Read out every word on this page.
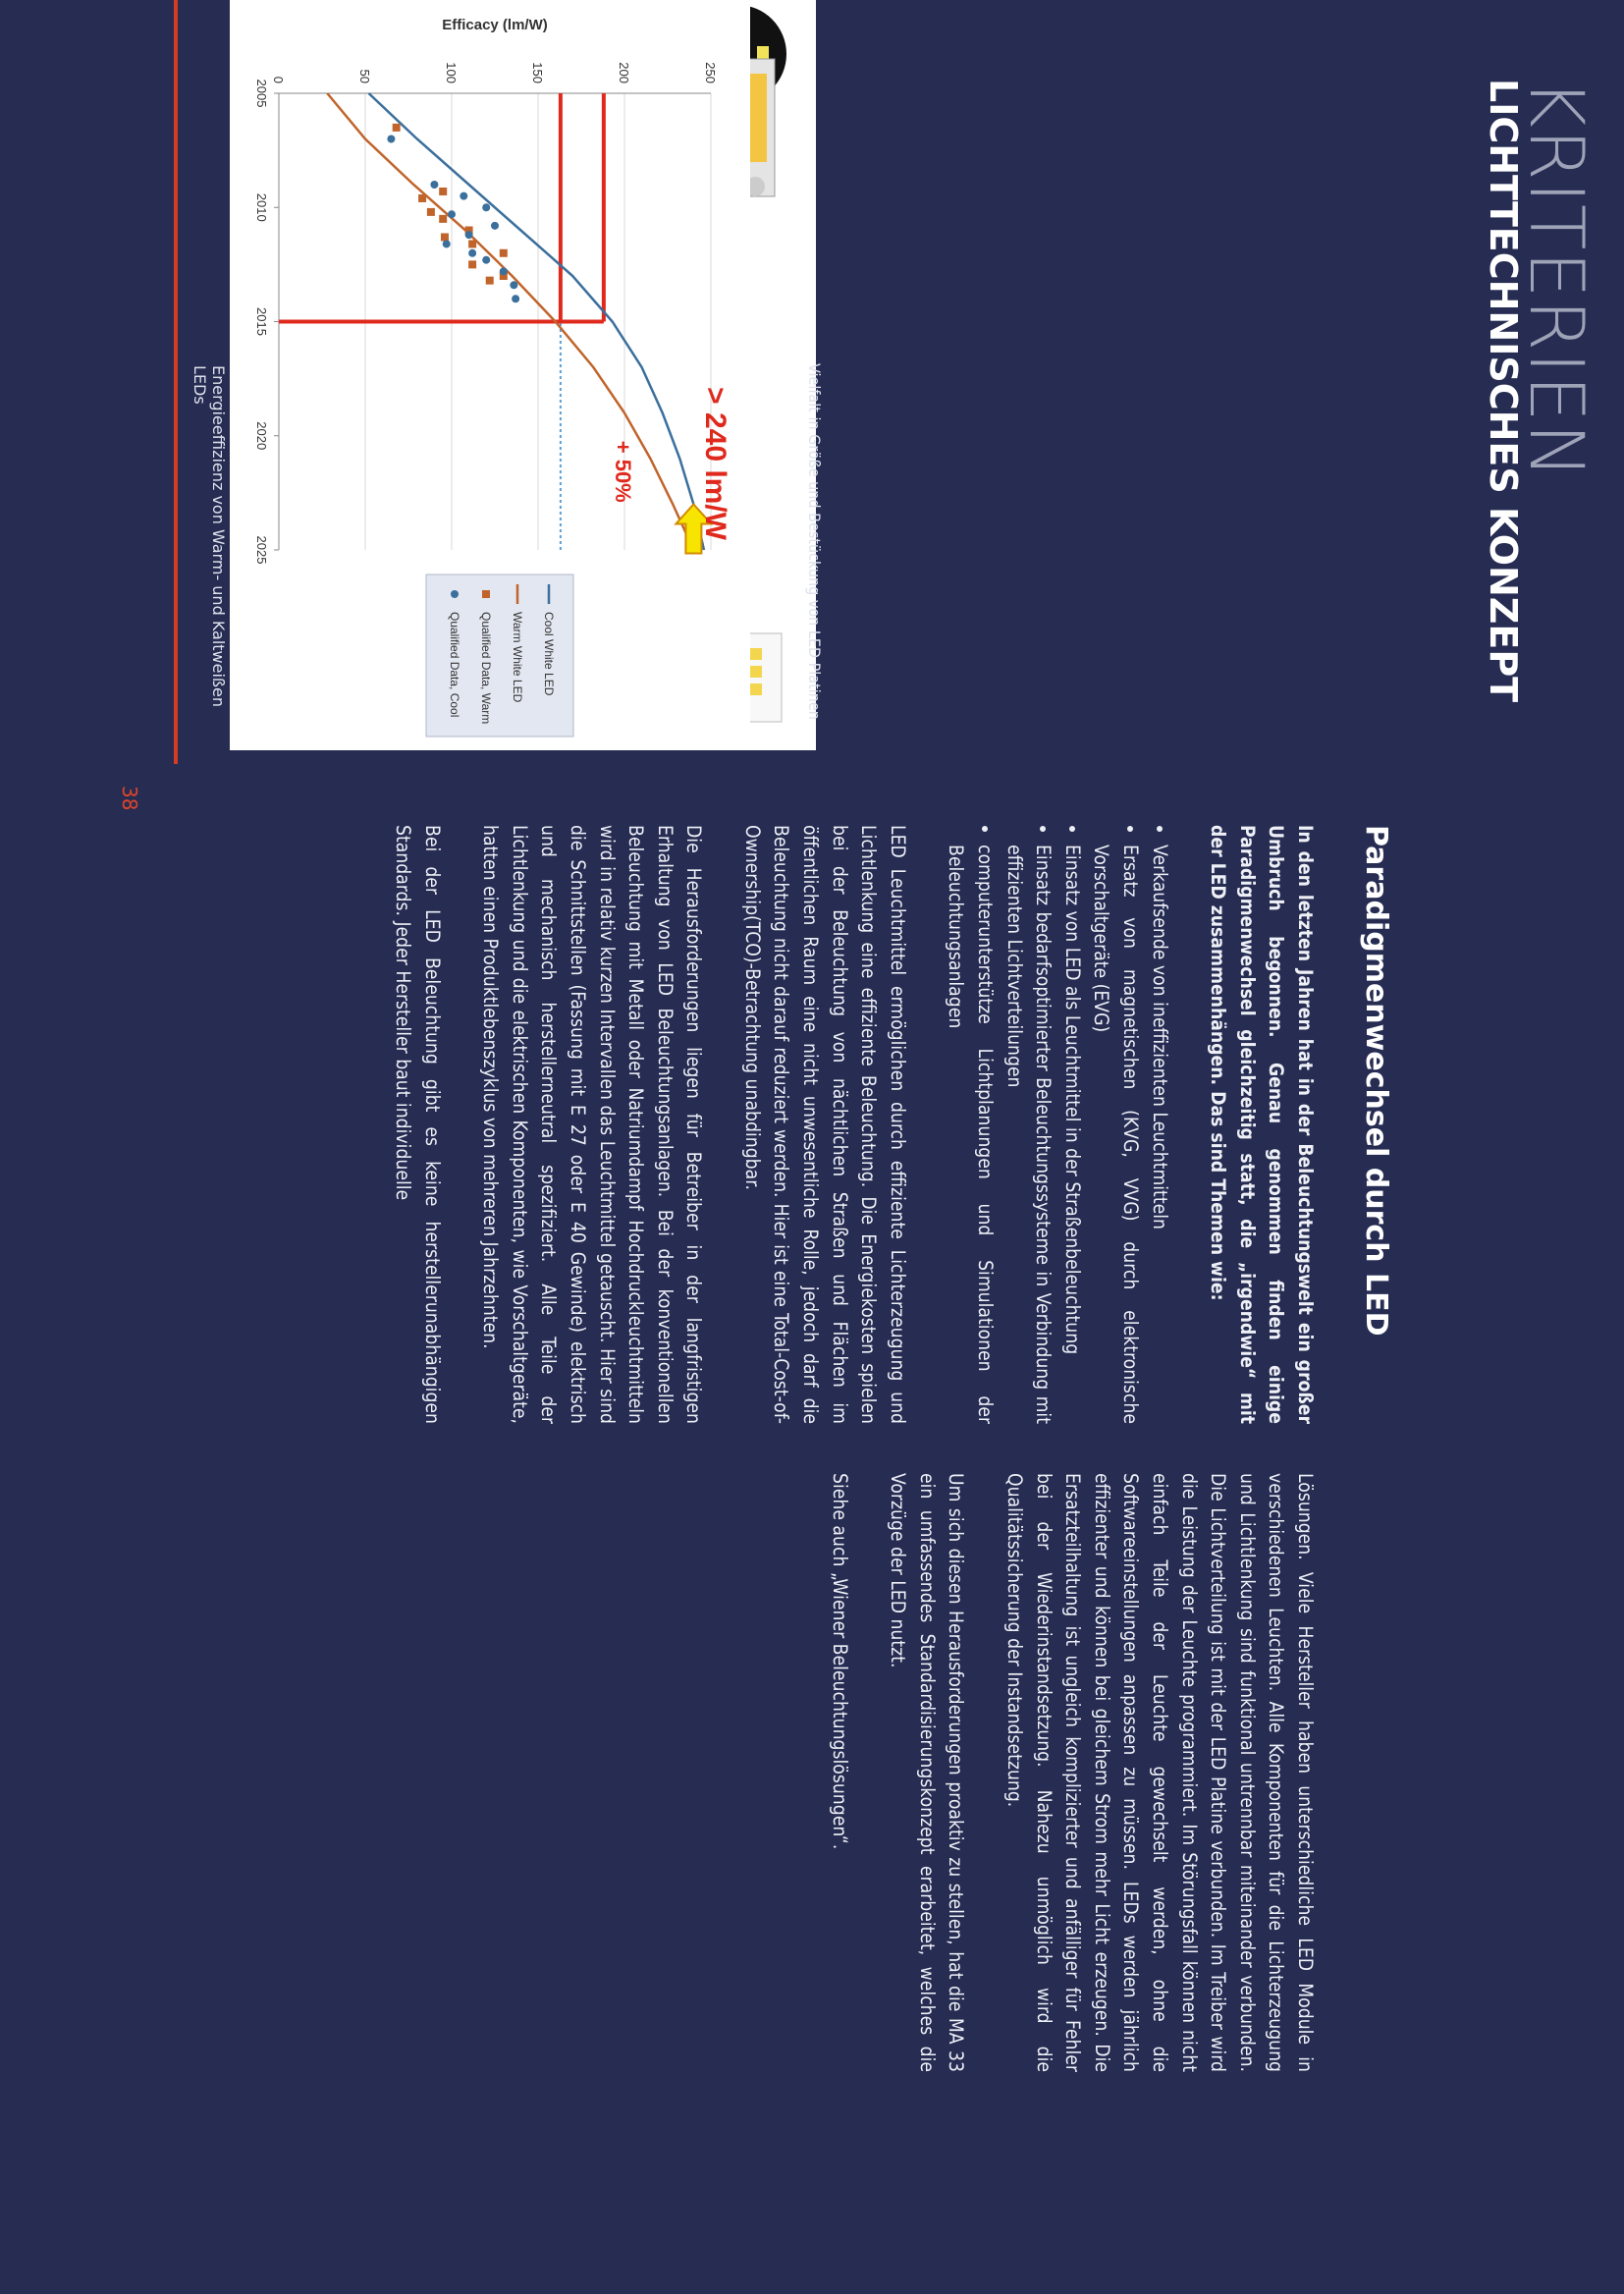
KRITERIEN
LICHTTECHNISCHES KONZEPT
Vielfalt in Größe und Bestückung von LED Platinen
0	50	100	150	200	250
2005
2010
2015
2020
2025
Efficacy (lm/W)
> 240 lm/W
+ 50%
Cool White LED
Warm White LED
Qualified Data, Warm
Qualified Data, Cool
Energieeffizienz von Warm- und Kaltweißen LEDs
38
Paradigmenwechsel durch LED

In den letzten Jahren hat in der Beleuchtungswelt ein großer Umbruch begonnen. Genau genommen finden einige Paradigmenwechsel gleichzeitig statt, die „irgendwie“ mit der LED zusammenhängen. Das sind Themen wie:

• Verkaufsende von ineffizienten Leuchtmitteln
• Ersatz von magnetischen (KVG, VVG) durch elektronische Vorschaltgeräte (EVG)
• Einsatz von LED als Leuchtmittel in der Straßenbeleuchtung
• Einsatz bedarfsoptimierter Beleuchtungssysteme in Verbindung mit effizienten Lichtverteilungen
• computerunterstütze Lichtplanungen und Simulationen der Beleuchtungsanlagen

LED Leuchtmittel ermöglichen durch effiziente Lichterzeugung und Lichtlenkung eine effiziente Beleuchtung. Die Energiekosten spielen bei der Beleuchtung von nächtlichen Straßen und Flächen im öffentlichen Raum eine nicht unwesentliche Rolle, jedoch darf die Beleuchtung nicht darauf reduziert werden. Hier ist eine Total-Cost-of-Ownership(TCO)-Betrachtung unabdingbar.

Die Herausforderungen liegen für Betreiber in der langfristigen Erhaltung von LED Beleuchtungsanlagen. Bei der konventionellen Beleuchtung mit Metall oder Natriumdampf Hochdruckleuchtmitteln wird in relativ kurzen Intervallen das Leuchtmittel getauscht. Hier sind die Schnittstellen (Fassung mit E 27 oder E 40 Gewinde) elektrisch und mechanisch herstellerneutral spezifiziert. Alle Teile der Lichtlenkung und die elektrischen Komponenten, wie Vorschaltgeräte, hatten einen Produktlebenszyklus von mehreren Jahrzehnten.

Bei der LED Beleuchtung gibt es keine herstellerunabhängigen Standards. Jeder Hersteller baut individuelle

Lösungen. Viele Hersteller haben unterschiedliche LED Module in verschiedenen Leuchten. Alle Komponenten für die Lichterzeugung und Lichtlenkung sind funktional untrennbar miteinander verbunden. Die Lichtverteilung ist mit der LED Platine verbunden. Im Treiber wird die Leistung der Leuchte programmiert. Im Störungsfall können nicht einfach Teile der Leuchte gewechselt werden, ohne die Softwareeinstellungen anpassen zu müssen. LEDs werden jährlich effizienter und können bei gleichem Strom mehr Licht erzeugen. Die Ersatzteilhaltung ist ungleich komplizierter und anfälliger für Fehler bei der Wiederinstandsetzung. Nahezu unmöglich wird die Qualitätssicherung der Instandsetzung.

Um sich diesen Herausforderungen proaktiv zu stellen, hat die MA 33 ein umfassendes Standardisierungskonzept erarbeitet, welches die Vorzüge der LED nutzt.

Siehe auch „Wiener Beleuchtungslösungen“.
